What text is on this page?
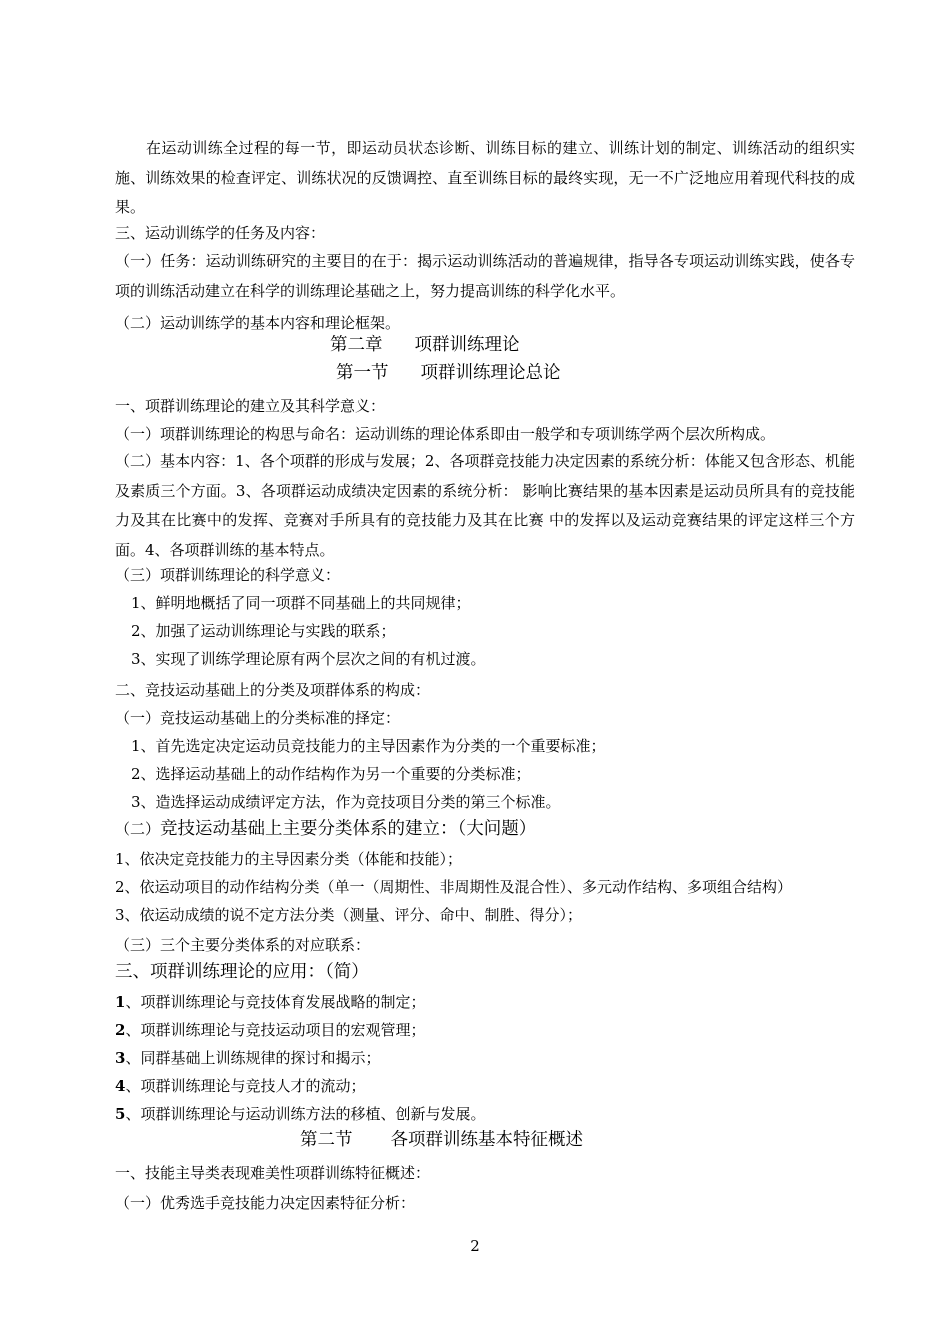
在运动训练全过程的每一节，即运动员状态诊断、训练目标的建立、训练计划的制定、训练活动的组织实施、训练效果的检查评定、训练状况的反馈调控、直至训练目标的最终实现，无一不广泛地应用着现代科技的成果。
三、运动训练学的任务及内容：
（一）任务：运动训练研究的主要目的在于：揭示运动训练活动的普遍规律，指导各专项运动训练实践，使各专项的训练活动建立在科学的训练理论基础之上，努力提高训练的科学化水平。
（二）运动训练学的基本内容和理论框架。
第二章 项群训练理论
第一节 项群训练理论总论
一、项群训练理论的建立及其科学意义：
（一）项群训练理论的构思与命名：运动训练的理论体系即由一般学和专项训练学两个层次所构成。
（二）基本内容：1、各个项群的形成与发展；2、各项群竞技能力决定因素的系统分析：体能又包含形态、机能及素质三个方面。3、各项群运动成绩决定因素的系统分析： 影响比赛结果的基本因素是运动员所具有的竞技能力及其在比赛中的发挥、竞赛对手所具有的竞技能力及其在比赛 中的发挥以及运动竞赛结果的评定这样三个方面。4、各项群训练的基本特点。
（三）项群训练理论的科学意义：
1、鲜明地概括了同一项群不同基础上的共同规律；
2、加强了运动训练理论与实践的联系；
3、实现了训练学理论原有两个层次之间的有机过渡。
二、竞技运动基础上的分类及项群体系的构成：
（一）竞技运动基础上的分类标准的择定：
1、首先选定决定运动员竞技能力的主导因素作为分类的一个重要标准；
2、选择运动基础上的动作结构作为另一个重要的分类标准；
3、造选择运动成绩评定方法，作为竞技项目分类的第三个标准。
（二）竞技运动基础上主要分类体系的建立：（大问题）
1、依决定竞技能力的主导因素分类（体能和技能）；
2、依运动项目的动作结构分类（单一（周期性、非周期性及混合性）、多元动作结构、多项组合结构）
3、依运动成绩的说不定方法分类（测量、评分、命中、制胜、得分）；
（三）三个主要分类体系的对应联系：
三、项群训练理论的应用：（简）
1、项群训练理论与竞技体育发展战略的制定；
2、项群训练理论与竞技运动项目的宏观管理；
3、同群基础上训练规律的探讨和揭示；
4、项群训练理论与竞技人才的流动；
5、项群训练理论与运动训练方法的移植、创新与发展。
第二节 各项群训练基本特征概述
一、技能主导类表现难美性项群训练特征概述：
（一）优秀选手竞技能力决定因素特征分析：
2
